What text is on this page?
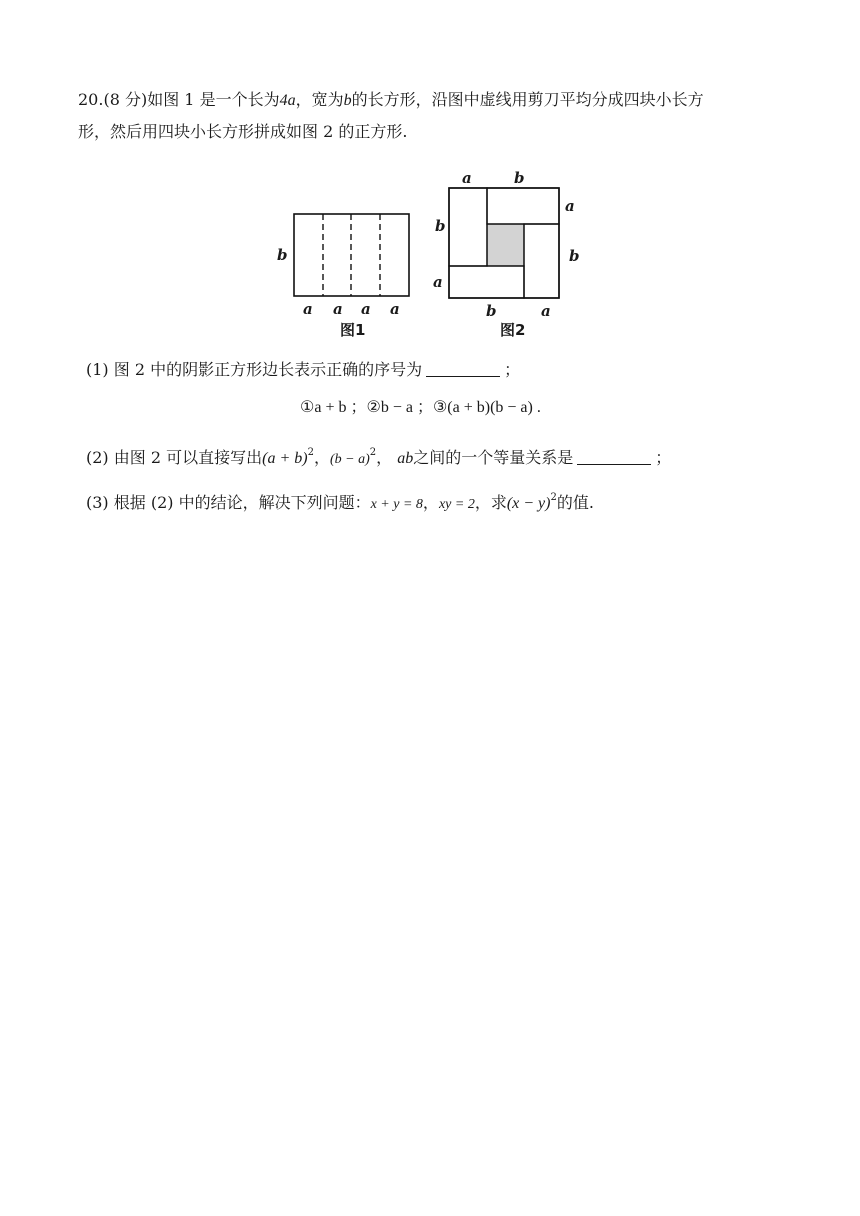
20.(8 分)如图 1 是一个长为4a，宽为b的长方形，沿图中虚线用剪刀平均分成四块小长方
形，然后用四块小长方形拼成如图 2 的正方形.
b
a a a a
图1
a	b
a
b
b
a
b	a
图2
(1) 图 2 中的阴影正方形边长表示正确的序号为	；
①a + b ；②b − a ；③(a + b)(b − a) .
(2) 由图 2 可以直接写出$(a + b)^2$，$(b - a)^2$， ab之间的一个等量关系是	；
(3) 根据 (2) 中的结论，解决下列问题：x + y = 8，xy = 2，求$(x - y)^2$的值.
